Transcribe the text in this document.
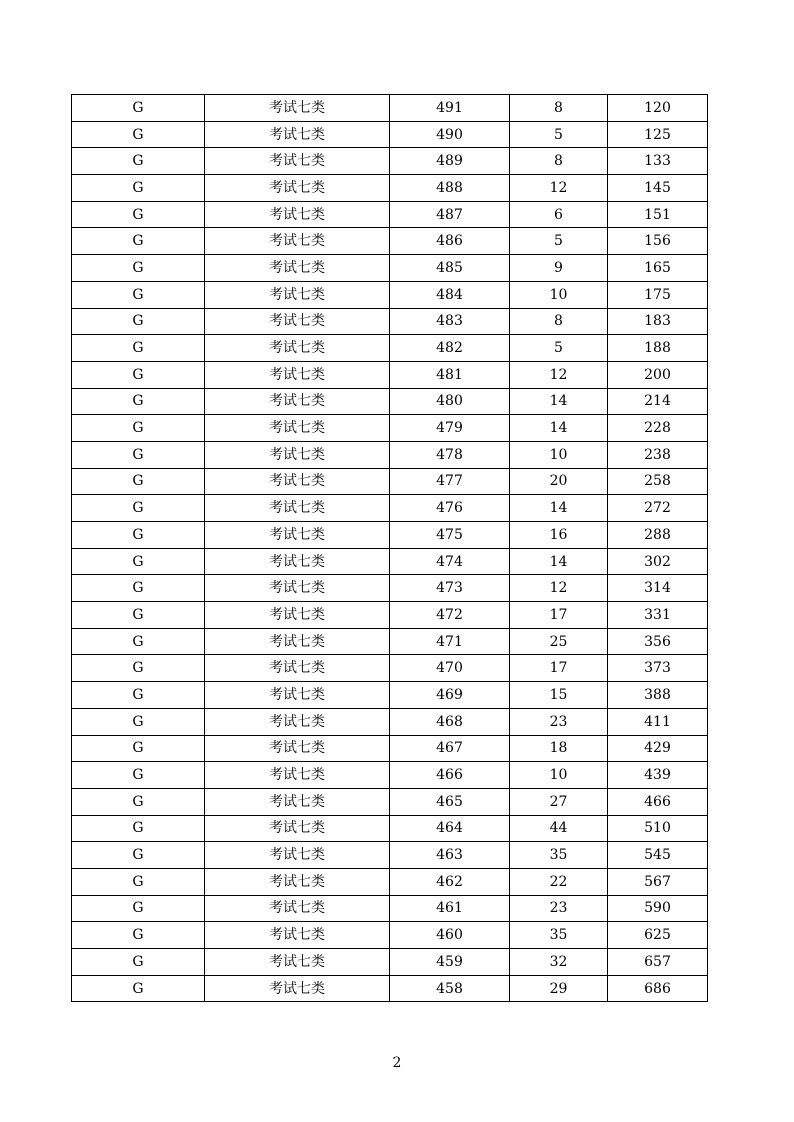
G	考试七类	491	8	120
G	考试七类	490	5	125
G	考试七类	489	8	133
G	考试七类	488	12	145
G	考试七类	487	6	151
G	考试七类	486	5	156
G	考试七类	485	9	165
G	考试七类	484	10	175
G	考试七类	483	8	183
G	考试七类	482	5	188
G	考试七类	481	12	200
G	考试七类	480	14	214
G	考试七类	479	14	228
G	考试七类	478	10	238
G	考试七类	477	20	258
G	考试七类	476	14	272
G	考试七类	475	16	288
G	考试七类	474	14	302
G	考试七类	473	12	314
G	考试七类	472	17	331
G	考试七类	471	25	356
G	考试七类	470	17	373
G	考试七类	469	15	388
G	考试七类	468	23	411
G	考试七类	467	18	429
G	考试七类	466	10	439
G	考试七类	465	27	466
G	考试七类	464	44	510
G	考试七类	463	35	545
G	考试七类	462	22	567
G	考试七类	461	23	590
G	考试七类	460	35	625
G	考试七类	459	32	657
G	考试七类	458	29	686
2
